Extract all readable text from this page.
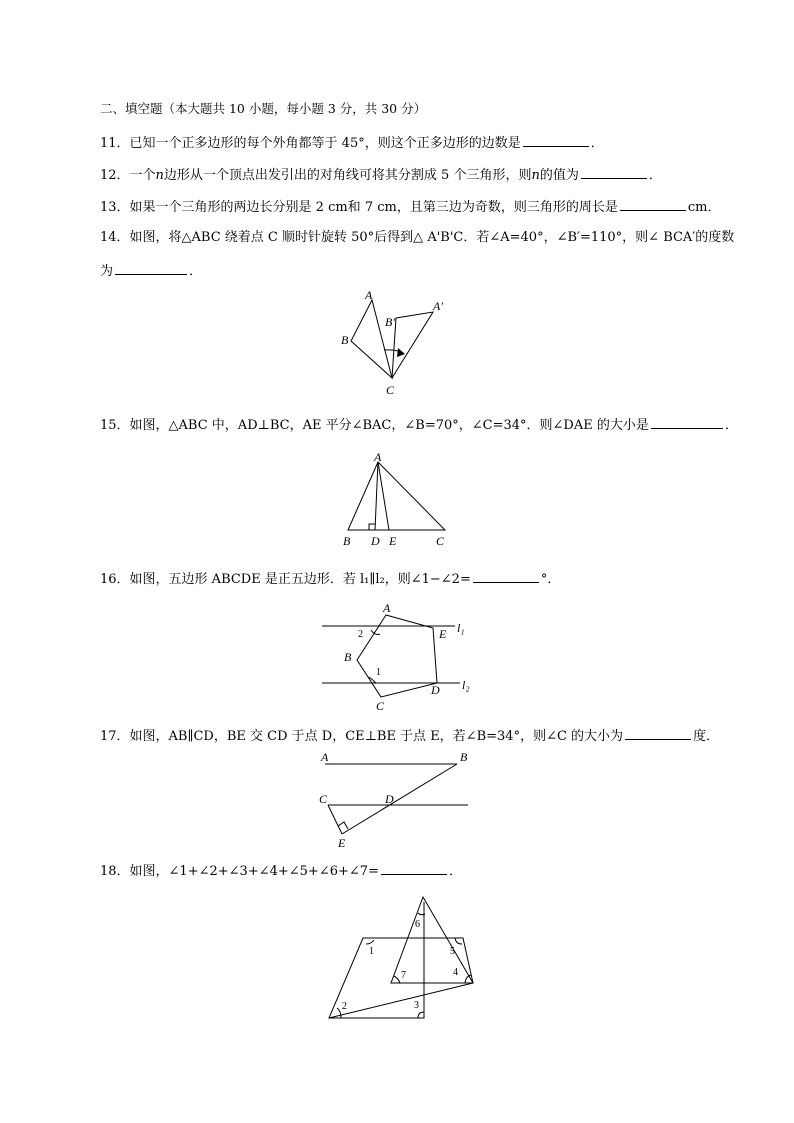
二、填空题（本大题共 10 小题，每小题 3 分，共 30 分）
11．已知一个正多边形的每个外角都等于 45°，则这个正多边形的边数是	．
12．一个n边形从一个顶点出发引出的对角线可将其分割成 5 个三角形，则n的值为	．
13．如果一个三角形的两边长分别是 2 cm和 7 cm，且第三边为奇数，则三角形的周长是	cm．
14．如图，将△ABC 绕着点 C 顺时针旋转 50°后得到△ A'B'C．若∠A=40°，∠B′=110°，则∠ BCA′的度数
为	．
A
B
C
A'
B'
15．如图，△ABC 中，AD⊥BC，AE 平分∠BAC，∠B=70°，∠C=34°．则∠DAE 的大小是	．
A
B D E	C
16．如图，五边形 ABCDE 是正五边形．若 l₁∥l₂，则∠1−∠2=	°．
A
E
B
C
D
2
1
l₁
l₂
17．如图，AB∥CD，BE 交 CD 于点 D，CE⊥BE 于点 E，若∠B=34°，则∠C 的大小为	度．
A	B
C	D
E
18．如图，∠1+∠2+∠3+∠4+∠5+∠6+∠7=	．
1
2	3
4
5
6
7
